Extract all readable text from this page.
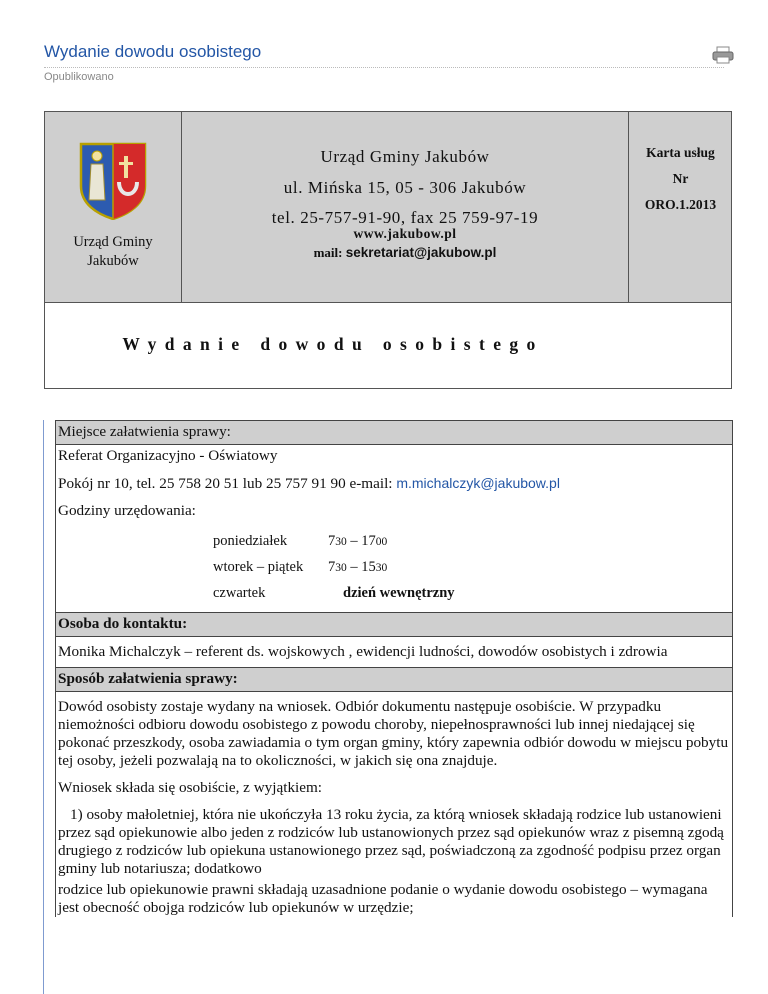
Wydanie dowodu osobistego
Opublikowano
Urząd Gminy
Jakubów
Urząd Gminy Jakubów
ul. Mińska 15, 05 - 306 Jakubów
tel. 25-757-91-90, fax 25 759-97-19
www.jakubow.pl
mail: sekretariat@jakubow.pl
Karta usług
Nr
ORO.1.2013
Wydanie dowodu osobistego
Miejsce załatwienia sprawy:
Referat Organizacyjno - Oświatowy
Pokój nr 10, tel. 25 758 20 51 lub 25 757 91 90 e-mail: m.michalczyk@jakubow.pl
Godziny urzędowania:
poniedziałek	730 – 1700
wtorek – piątek 730 – 1530
czwartek	dzień wewnętrzny
Osoba do kontaktu:
Monika Michalczyk – referent ds. wojskowych , ewidencji ludności, dowodów osobistych i zdrowia
Sposób załatwienia sprawy:

Dowód osobisty zostaje wydany na wniosek. Odbiór dokumentu następuje osobiście. W przypadku niemożności odbioru dowodu osobistego z powodu choroby, niepełnosprawności lub innej niedającej się pokonać przeszkody, osoba zawiadamia o tym organ gminy, który zapewnia odbiór dowodu w miejscu pobytu tej osoby, jeżeli pozwalają na to okoliczności, w jakich się ona znajduje.

Wniosek składa się osobiście, z wyjątkiem:

1) osoby małoletniej, która nie ukończyła 13 roku życia, za którą wniosek składają rodzice lub ustanowieni przez sąd opiekunowie albo jeden z rodziców lub ustanowionych przez sąd opiekunów wraz z pisemną zgodą drugiego z rodziców lub opiekuna ustanowionego przez sąd, poświadczoną za zgodność podpisu przez organ gminy lub notariusza; dodatkowo

rodzice lub opiekunowie prawni składają uzasadnione podanie o wydanie dowodu osobistego – wymagana jest obecność obojga rodziców lub opiekunów w urzędzie;
